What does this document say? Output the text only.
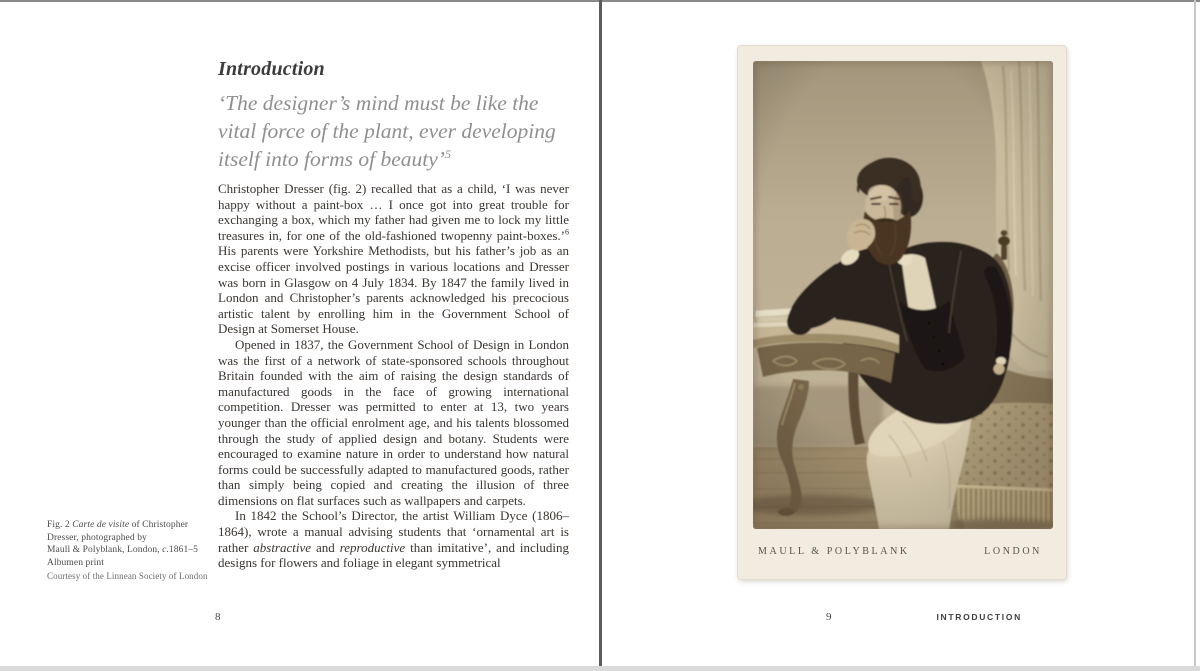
Introduction
‘The designer’s mind must be like the
vital force of the plant, ever developing
itself into forms of beauty’$^5$

Christopher Dresser (fig. 2) recalled that as a child, ‘I was never happy without a paint-box … I once got into great trouble for exchanging a box, which my father had given me to lock my little treasures in, for one of the old-fashioned twopenny paint-boxes.’$^6$ His parents were Yorkshire Methodists, but his father’s job as an excise officer involved postings in various locations and Dresser was born in Glasgow on 4 July 1834. By 1847 the family lived in London and Christopher’s parents acknowledged his precocious artistic talent by enrolling him in the Government School of Design at Somerset House.

Opened in 1837, the Government School of Design in London was the first of a network of state-sponsored schools throughout Britain founded with the aim of raising the design standards of manufactured goods in the face of growing international competition. Dresser was permitted to enter at 13, two years younger than the official enrolment age, and his talents blossomed through the study of applied design and botany. Students were encouraged to examine nature in order to understand how natural forms could be successfully adapted to manufactured goods, rather than simply being copied and creating the illusion of three dimensions on flat surfaces such as wallpapers and carpets.

In 1842 the School’s Director, the artist William Dyce (1806–1864), wrote a manual advising students that ‘ornamental art is rather abstractive and reproductive than imitative’, and including designs for flowers and foliage in elegant symmetrical

Fig. 2 Carte de visite of Christopher
Dresser, photographed by
Maull & Polyblank, London, c.1861–5
Albumen print
Courtesy of the Linnean Society of London
8
MAULL & POLYBLANK	LONDON
9	INTRODUCTION
